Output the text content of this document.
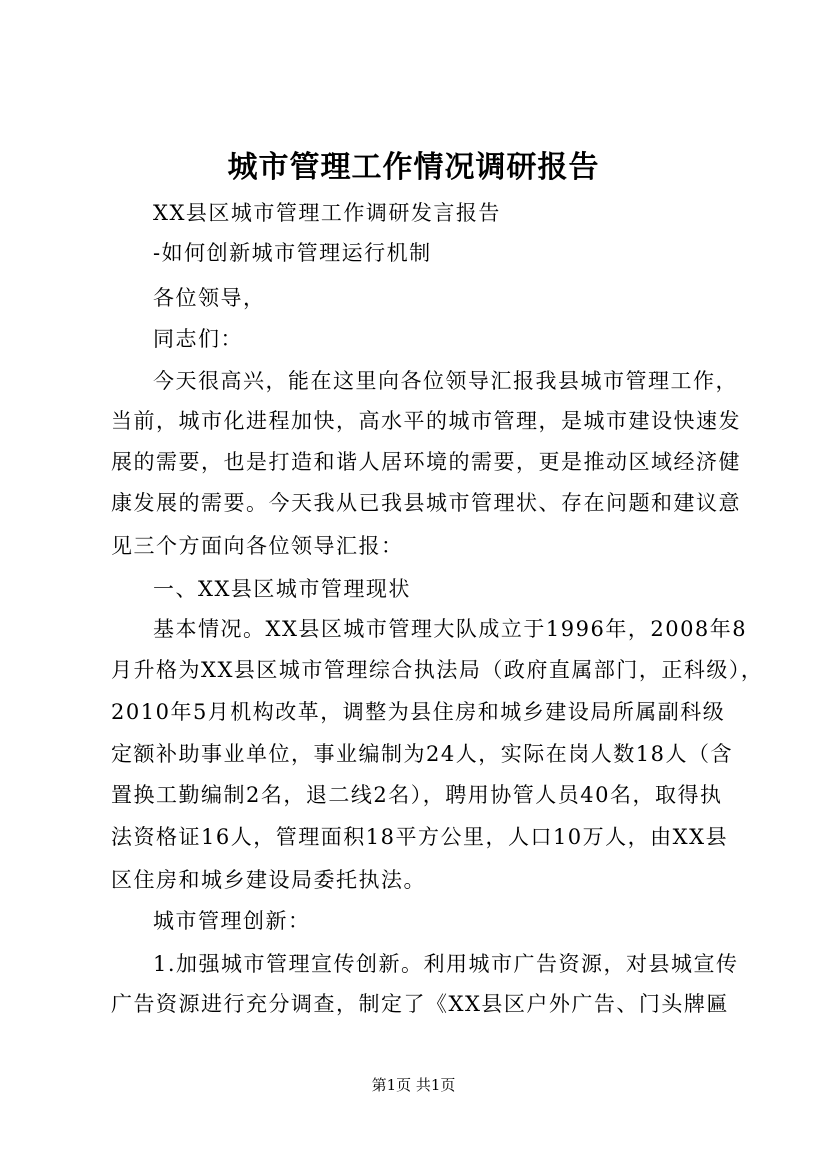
城市管理工作情况调研报告
XX县区城市管理工作调研发言报告
-如何创新城市管理运行机制
各位领导，
同志们：
今天很高兴，能在这里向各位领导汇报我县城市管理工作，
当前，城市化进程加快，高水平的城市管理，是城市建设快速发
展的需要，也是打造和谐人居环境的需要，更是推动区域经济健
康发展的需要。今天我从已我县城市管理状、存在问题和建议意
见三个方面向各位领导汇报：
一、XX县区城市管理现状
基本情况。XX县区城市管理大队成立于1996年，2008年8
月升格为XX县区城市管理综合执法局（政府直属部门，正科级），
2010年5月机构改革，调整为县住房和城乡建设局所属副科级
定额补助事业单位，事业编制为24人，实际在岗人数18人（含
置换工勤编制2名，退二线2名），聘用协管人员40名，取得执
法资格证16人，管理面积18平方公里，人口10万人，由XX县
区住房和城乡建设局委托执法。
城市管理创新：
1.加强城市管理宣传创新。利用城市广告资源，对县城宣传
广告资源进行充分调查，制定了《XX县区户外广告、门头牌匾
第1页 共1页
